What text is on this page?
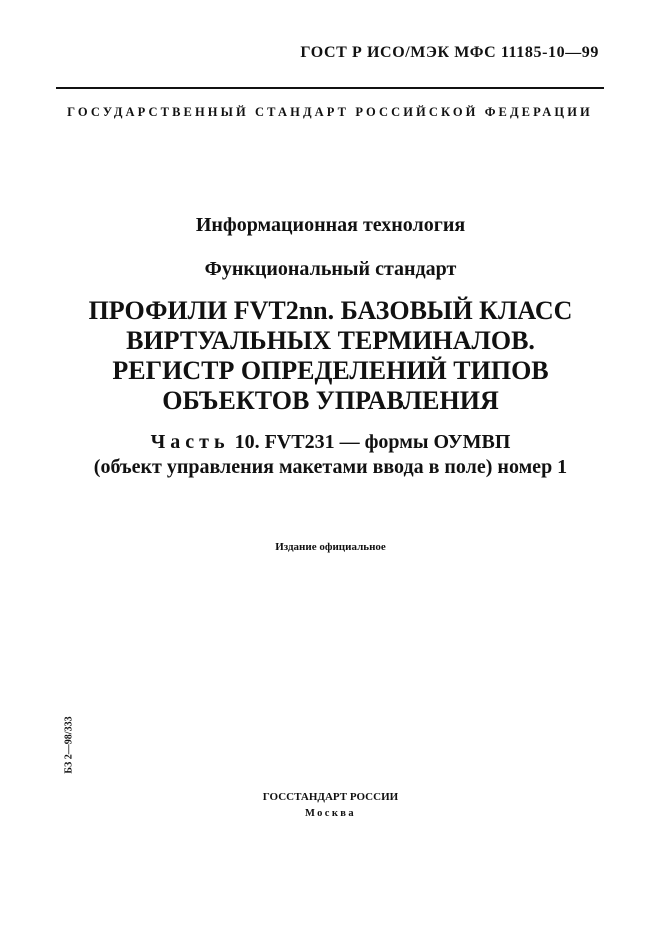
ГОСТ Р ИСО/МЭК МФС 11185-10—99
ГОСУДАРСТВЕННЫЙ СТАНДАРТ РОССИЙСКОЙ ФЕДЕРАЦИИ
Информационная технология
Функциональный стандарт
ПРОФИЛИ FVT2nn. БАЗОВЫЙ КЛАСС
ВИРТУАЛЬНЫХ ТЕРМИНАЛОВ.
РЕГИСТР ОПРЕДЕЛЕНИЙ ТИПОВ
ОБЪЕКТОВ УПРАВЛЕНИЯ
Часть 10. FVT231 — формы ОУМВП
(объект управления макетами ввода в поле) номер 1
Издание официальное
БЗ 2—98/333
ГОССТАНДАРТ РОССИИ
Москва
